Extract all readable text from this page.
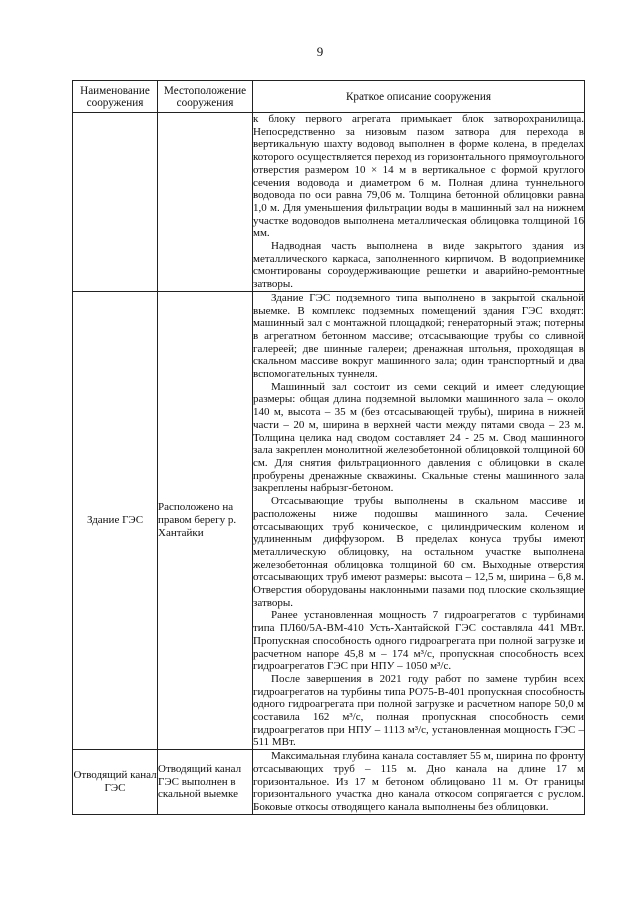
9
Наименование сооружения	Местоположение сооружения	Краткое описание сооружения

		к блоку первого агрегата примыкает блок затворохранилища. Непосредственно за низовым пазом затвора для перехода в вертикальную шахту водовод выполнен в форме колена, в пределах которого осуществляется переход из горизонтального прямоугольного отверстия размером 10 × 14 м в вертикальное с формой круглого сечения водовода и диаметром 6 м. Полная длина туннельного водовода по оси равна 79,06 м. Толщина бетонной облицовки равна 1,0 м. Для уменьшения фильтрации воды в машинный зал на нижнем участке водоводов выполнена металлическая облицовка толщиной 16 мм.

Надводная часть выполнена в виде закрытого здания из металлического каркаса, заполненного кирпичом. В водоприемнике смонтированы сороудерживающие решетки и аварийно-ремонтные затворы.

Здание ГЭС	Расположено на правом берегу р. Хантайки	Здание ГЭС подземного типа выполнено в закрытой скальной выемке. В комплекс подземных помещений здания ГЭС входят: машинный зал с монтажной площадкой; генераторный этаж; потерны в агрегатном бетонном массиве; отсасывающие трубы со сливной галереей; две шинные галереи; дренажная штольня, проходящая в скальном массиве вокруг машинного зала; один транспортный и два вспомогательных туннеля.

Машинный зал состоит из семи секций и имеет следующие размеры: общая длина подземной выломки машинного зала – около 140 м, высота – 35 м (без отсасывающей трубы), ширина в нижней части – 20 м, ширина в верхней части между пятами свода – 23 м. Толщина целика над сводом составляет 24 - 25 м. Свод машинного зала закреплен монолитной железобетонной облицовкой толщиной 60 см. Для снятия фильтрационного давления с облицовки в скале пробурены дренажные скважины. Скальные стены машинного зала закреплены набрызг-бетоном.

Отсасывающие трубы выполнены в скальном массиве и расположены ниже подошвы машинного зала. Сечение отсасывающих труб коническое, с цилиндрическим коленом и удлиненным диффузором. В пределах конуса трубы имеют металлическую облицовку, на остальном участке выполнена железобетонная облицовка толщиной 60 см. Выходные отверстия отсасывающих труб имеют размеры: высота – 12,5 м, ширина – 6,8 м. Отверстия оборудованы наклонными пазами под плоские скользящие затворы.

Ранее установленная мощность 7 гидроагрегатов с турбинами типа ПЛ60/5А-ВМ-410 Усть-Хантайской ГЭС составляла 441 МВт. Пропускная способность одного гидроагрегата при полной загрузке и расчетном напоре 45,8 м – 174 м³/с, пропускная способность всех гидроагрегатов ГЭС при НПУ – 1050 м³/с.

После завершения в 2021 году работ по замене турбин всех гидроагрегатов на турбины типа РО75-В-401 пропускная способность одного гидроагрегата при полной загрузке и расчетном напоре 50,0 м составила 162 м³/с, полная пропускная способность семи гидроагрегатов при НПУ – 1113 м³/с, установленная мощность ГЭС – 511 МВт.

Отводящий канал ГЭС	Отводящий канал ГЭС выполнен в скальной выемке	Максимальная глубина канала составляет 55 м, ширина по фронту отсасывающих труб – 115 м. Дно канала на длине 17 м горизонтальное. Из 17 м бетоном облицовано 11 м. От границы горизонтального участка дно канала откосом сопрягается с руслом. Боковые откосы отводящего канала выполнены без облицовки.
